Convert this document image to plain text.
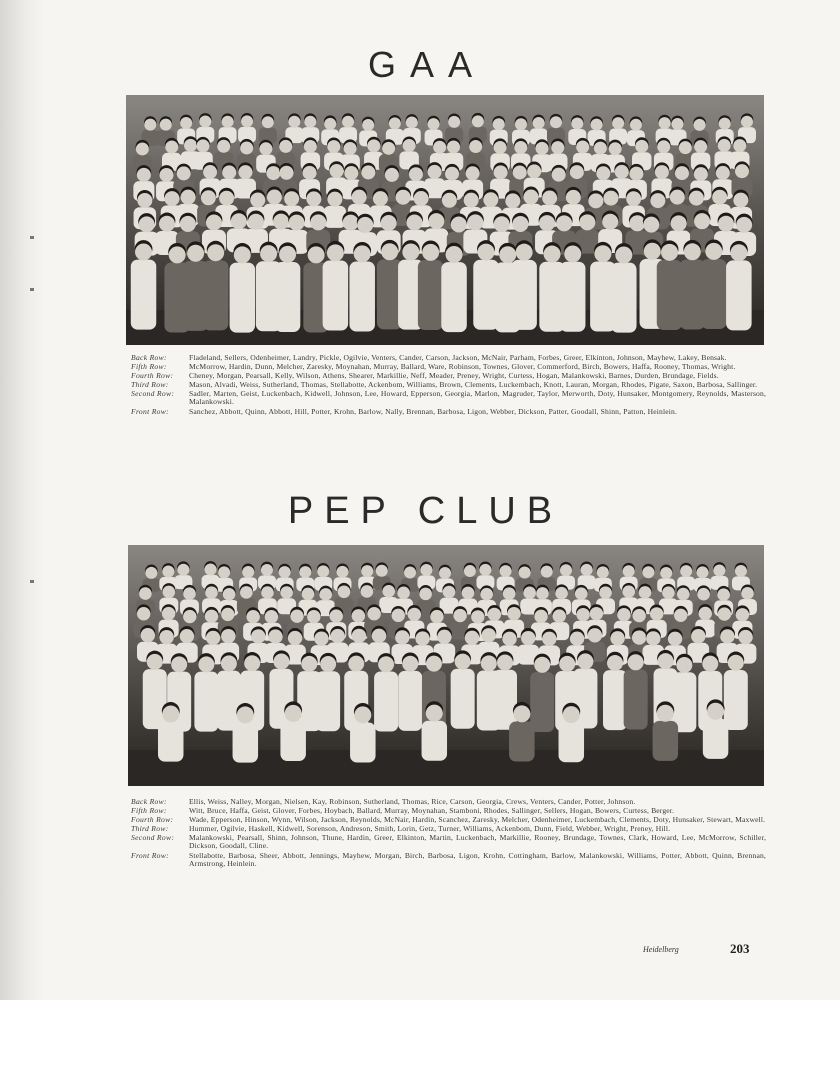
GAA
Back Row:	Fladeland, Sellers, Odenheimer, Landry, Pickle, Ogilvie, Venters, Cander, Carson, Jackson, McNair, Parham, Forbes, Greer, Elkinton, Johnson, Mayhew, Lakey, Bensak.
Fifth Row:	McMorrow, Hardin, Dunn, Melcher, Zaresky, Moynahan, Murray, Ballard, Ware, Robinson, Townes, Glover, Commerford, Birch, Bowers, Haffa, Rooney, Thomas, Wright.
Fourth Row:	Cheney, Morgan, Pearsall, Kelly, Wilson, Athens, Shearer, Markillie, Neff, Meader, Preney, Wright, Curtess, Hogan, Malankowski, Barnes, Durden, Brundage, Fields.
Third Row:	Mason, Alvadi, Weiss, Sutherland, Thomas, Stellabotte, Ackenbom, Williams, Brown, Clements, Luckembach, Knott, Lauran, Morgan, Rhodes, Pigate, Saxon, Barbosa, Sallinger.
Second Row:	Sadler, Marten, Geist, Luckenbach, Kidwell, Johnson, Lee, Howard, Epperson, Georgia, Marlon, Magruder, Taylor, Merworth, Doty, Hunsaker, Montgomery, Reynolds, Masterson, Malankowski.
Front Row:	Sanchez, Abbott, Quinn, Abbott, Hill, Potter, Krohn, Barlow, Nally, Brennan, Barbosa, Ligon, Webber, Dickson, Patter, Goodall, Shinn, Patton, Heinlein.
PEP CLUB
Back Row:	Ellis, Weiss, Nalley, Morgan, Nielsen, Kay, Robinson, Sutherland, Thomas, Rice, Carson, Georgia, Crews, Venters, Cander, Potter, Johnson.
Fifth Row:	Witt, Bruce, Haffa, Geist, Glover, Forbes, Hoybach, Ballard, Murray, Moynahan, Stamboni, Rhodes, Sallinger, Sellers, Hogan, Bowers, Curtess, Berger.
Fourth Row:	Wade, Epperson, Hinson, Wynn, Wilson, Jackson, Reynolds, McNair, Hardin, Scanchez, Zaresky, Melcher, Odenheimer, Luckembach, Clements, Doty, Hunsaker, Stewart, Maxwell.
Third Row:	Hummer, Ogilvie, Haskell, Kidwell, Sorenson, Andreson, Smith, Lorin, Getz, Turner, Williams, Ackenbom, Dunn, Field, Webber, Wright, Preney, Hill.
Second Row:	Malankowski, Pearsall, Shinn, Johnson, Thune, Hardin, Greer, Elkinton, Martin, Luckenbach, Markillie, Rooney, Brundage, Townes, Clark, Howard, Lee, McMorrow, Schiller, Dickson, Goodall, Cline.
Front Row:	Stellabotte, Barbosa, Sheer, Abbott, Jennings, Mayhew, Morgan, Birch, Barbosa, Ligon, Krohn, Cottingham, Barlow, Malankowski, Williams, Potter, Abbott, Quinn, Brennan, Armstrong, Heinlein.
Heidelberg	203
